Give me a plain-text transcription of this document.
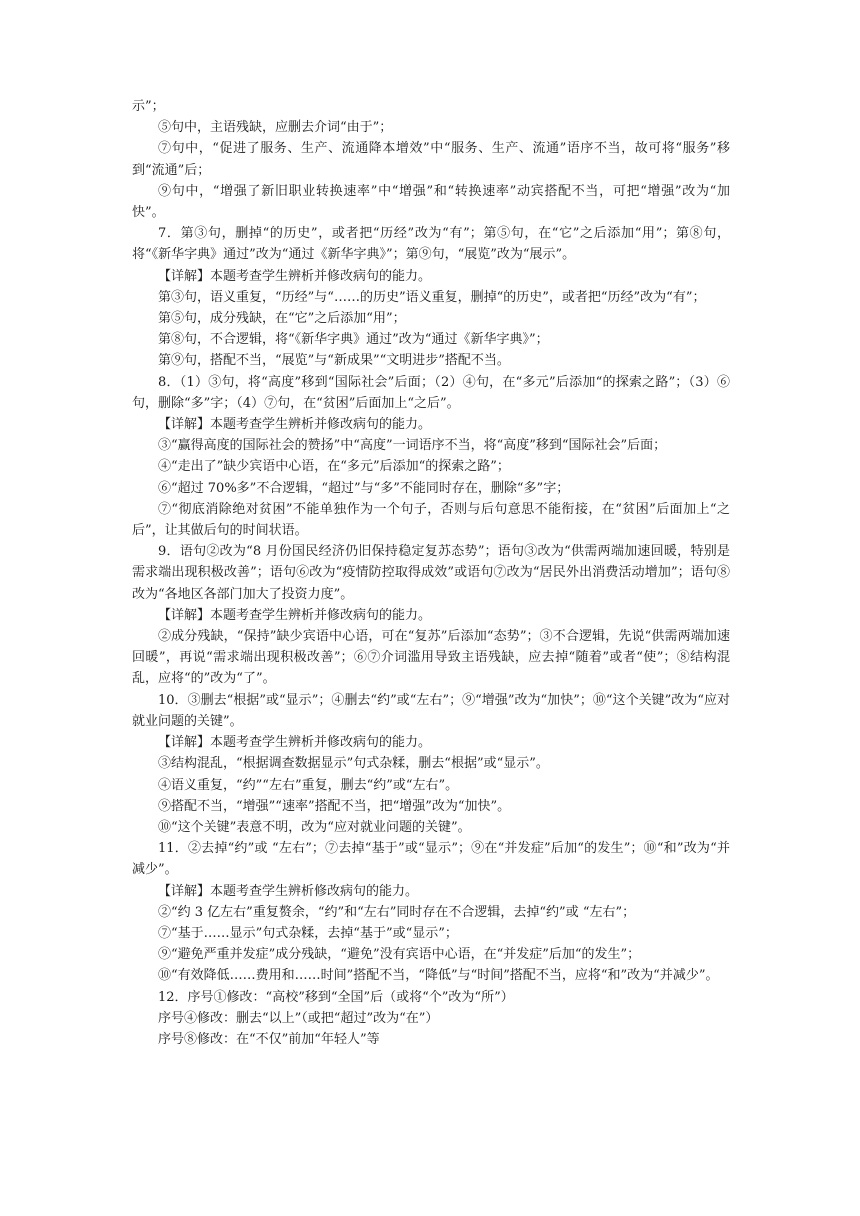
示”；

⑤句中，主语残缺，应删去介词“由于”；

⑦句中，“促进了服务、生产、流通降本增效”中“服务、生产、流通”语序不当，故可将“服务”移到“流通”后；

⑨句中，“增强了新旧职业转换速率”中“增强”和“转换速率”动宾搭配不当，可把“增强”改为“加快”。

7．第③句，删掉“的历史”，或者把“历经”改为“有”；第⑤句，在“它”之后添加“用”；第⑧句，将“《新华字典》通过”改为“通过《新华字典》”；第⑨句，“展览”改为“展示”。

【详解】本题考查学生辨析并修改病句的能力。

第③句，语义重复，“历经”与“……的历史”语义重复，删掉“的历史”，或者把“历经”改为“有”；

第⑤句，成分残缺，在“它”之后添加“用”；

第⑧句，不合逻辑，将“《新华字典》通过”改为“通过《新华字典》”；

第⑨句，搭配不当，“展览”与“新成果”“文明进步”搭配不当。

8．（1）③句，将“高度”移到“国际社会”后面；（2）④句，在“多元”后添加“的探索之路”；（3）⑥句，删除“多”字；（4）⑦句，在“贫困”后面加上“之后”。

【详解】本题考查学生辨析并修改病句的能力。

③“赢得高度的国际社会的赞扬”中“高度”一词语序不当，将“高度”移到“国际社会”后面；

④“走出了”缺少宾语中心语，在“多元”后添加“的探索之路”；

⑥“超过 70%多”不合逻辑，“超过”与“多”不能同时存在，删除“多”字；

⑦“彻底消除绝对贫困”不能单独作为一个句子，否则与后句意思不能衔接，在“贫困”后面加上“之后”，让其做后句的时间状语。

9．语句②改为“8 月份国民经济仍旧保持稳定复苏态势”；语句③改为“供需两端加速回暖，特别是需求端出现积极改善”；语句⑥改为“疫情防控取得成效”或语句⑦改为“居民外出消费活动增加”；语句⑧改为“各地区各部门加大了投资力度”。

【详解】本题考查学生辨析并修改病句的能力。

②成分残缺，“保持”缺少宾语中心语，可在“复苏”后添加“态势”；③不合逻辑，先说“供需两端加速回暖”，再说“需求端出现积极改善”；⑥⑦介词滥用导致主语残缺，应去掉“随着”或者“使”；⑧结构混乱，应将“的”改为“了”。

10．③删去“根据”或“显示”；④删去“约”或“左右”；⑨“增强”改为“加快”；⑩“这个关键”改为“应对就业问题的关键”。

【详解】本题考查学生辨析并修改病句的能力。

③结构混乱，“根据调查数据显示”句式杂糅，删去“根据”或“显示”。

④语义重复，“约”“左右”重复，删去“约”或“左右”。

⑨搭配不当，“增强”“速率”搭配不当，把“增强”改为“加快”。

⑩“这个关键”表意不明，改为“应对就业问题的关键”。

11．②去掉“约”或 “左右”；⑦去掉“基于”或“显示”；⑨在“并发症”后加“的发生”；⑩“和”改为“并减少”。

【详解】本题考查学生辨析修改病句的能力。

②“约 3 亿左右”重复赘余，“约”和“左右”同时存在不合逻辑，去掉“约”或 “左右”；

⑦“基于……显示”句式杂糅，去掉“基于”或“显示”；

⑨“避免严重并发症”成分残缺，“避免”没有宾语中心语，在“并发症”后加“的发生”；

⑩“有效降低……费用和……时间”搭配不当，“降低”与“时间”搭配不当，应将“和”改为“并减少”。

12．序号①修改：“高校”移到“全国”后（或将“个”改为“所”）

序号④修改：删去“以上”（或把“超过”改为“在”）

序号⑧修改：在“不仅”前加“年轻人”等
